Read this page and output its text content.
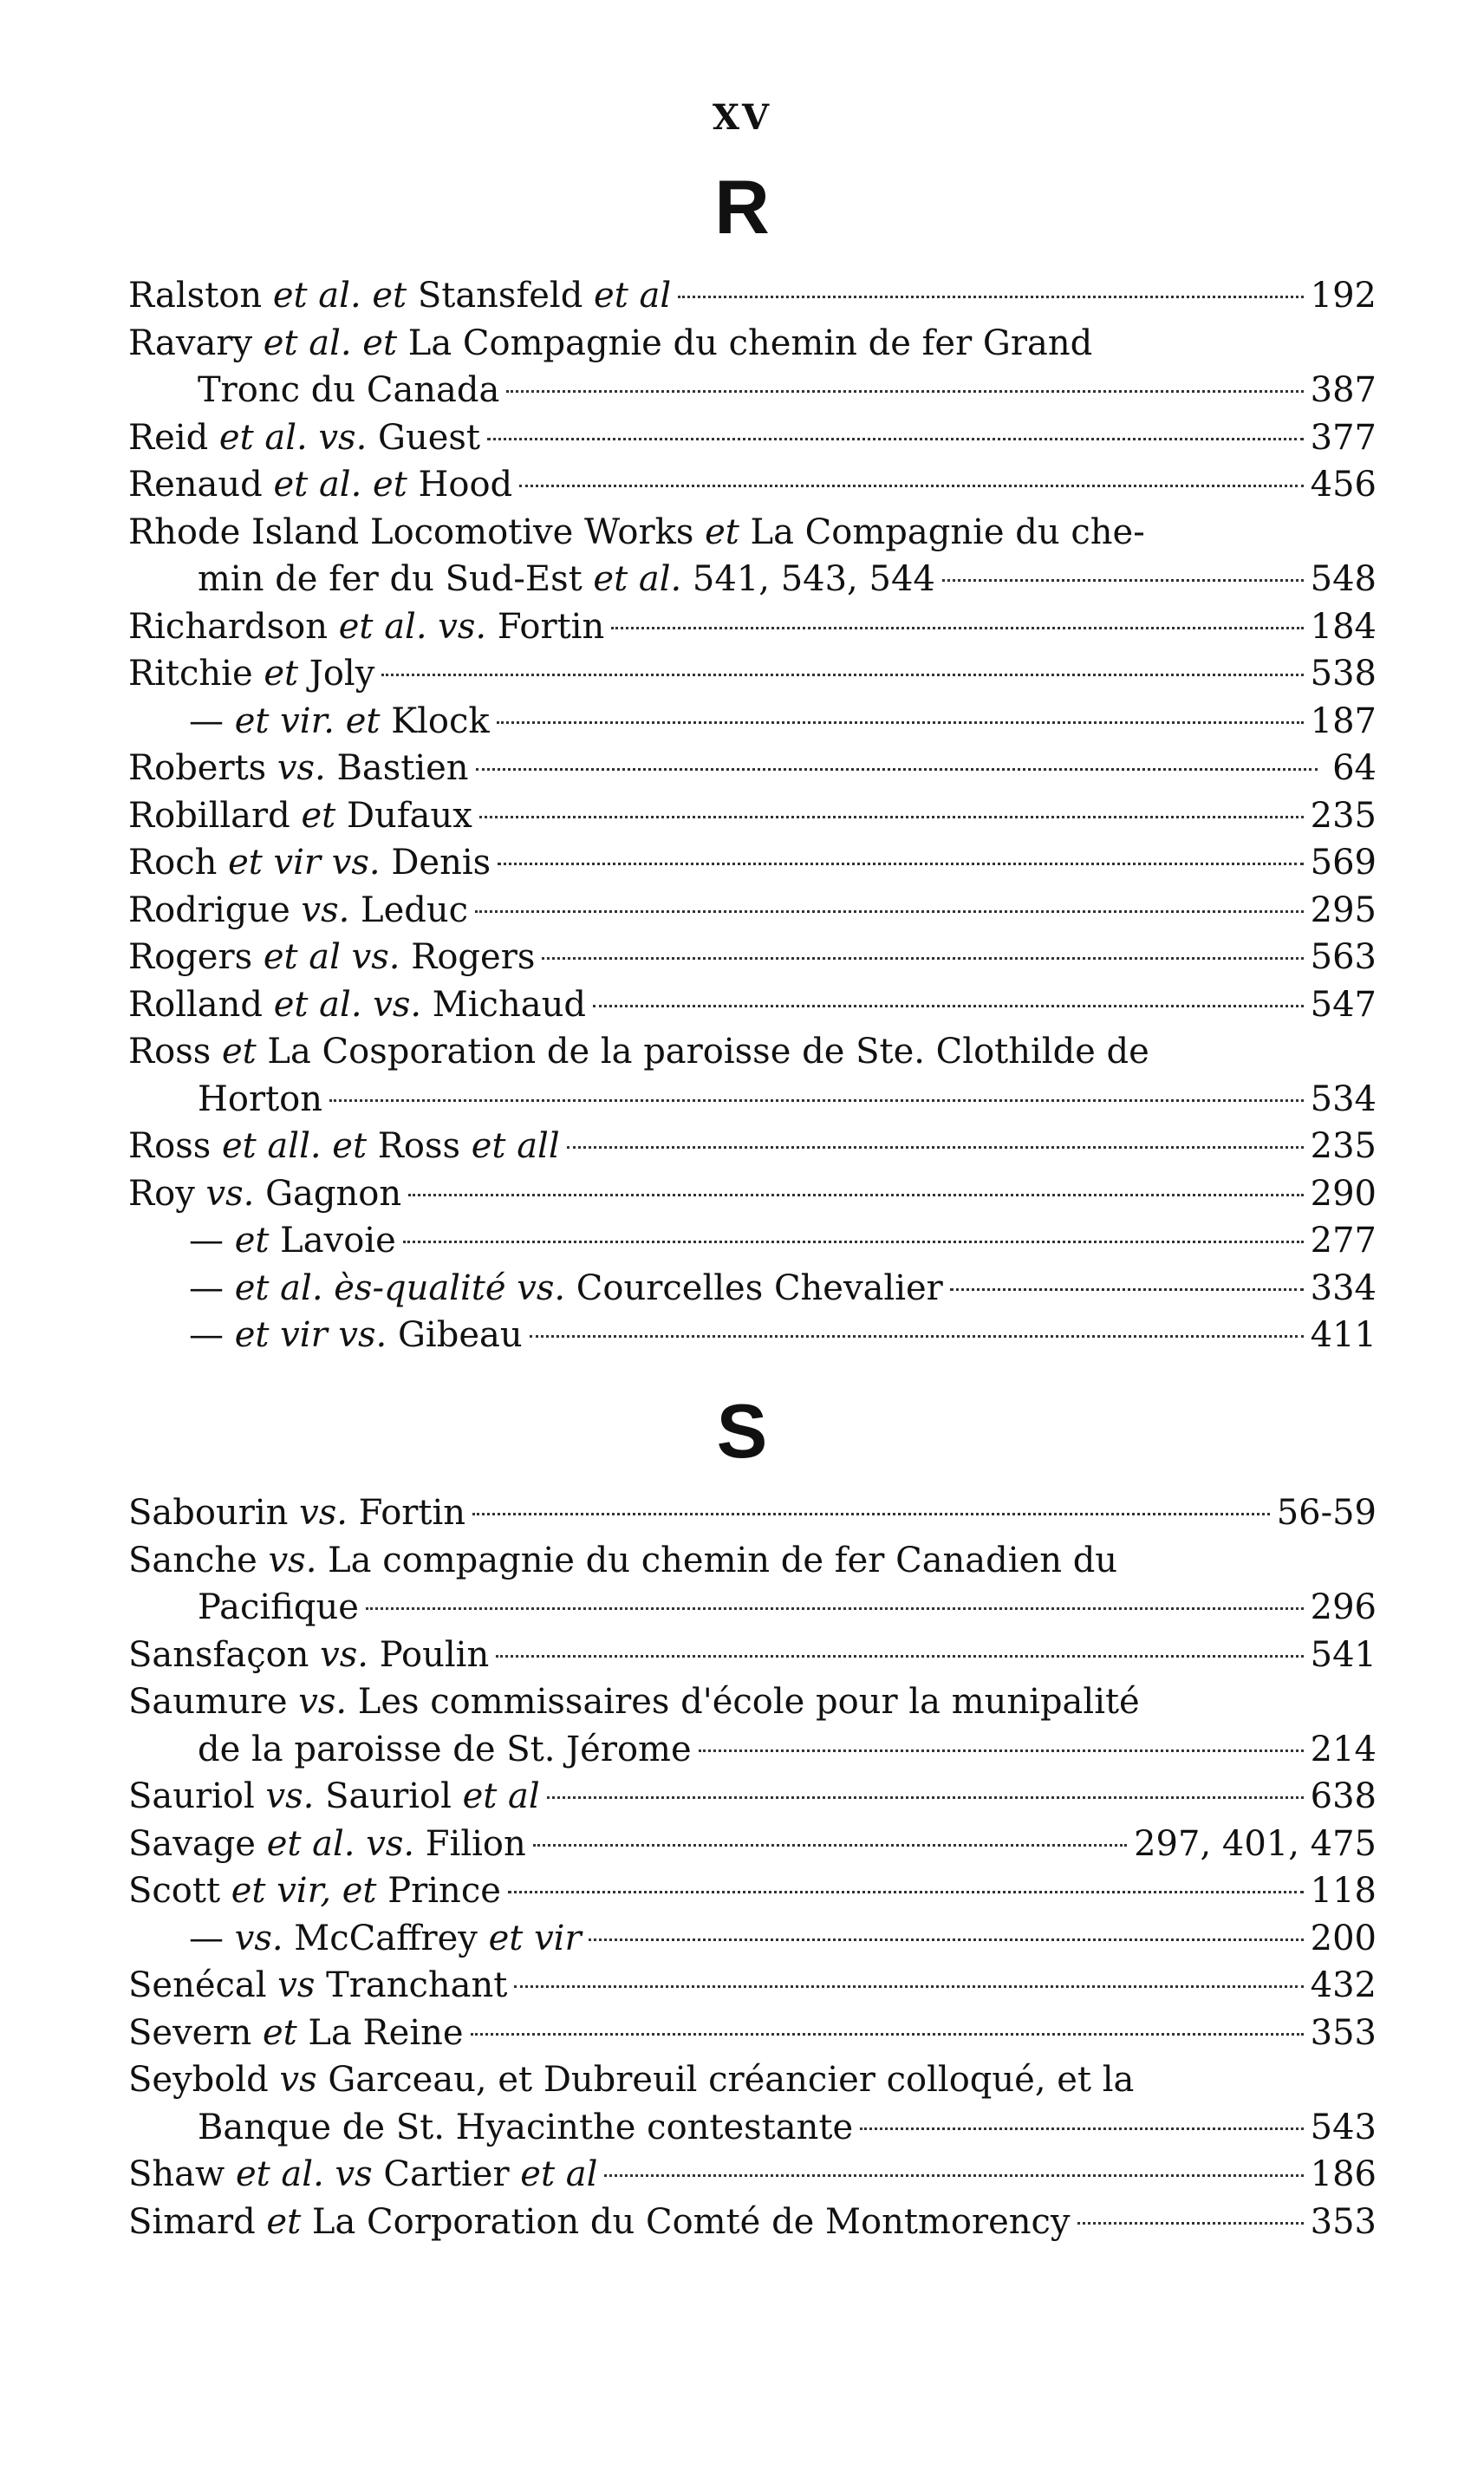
XV
R
Ralston et al. et Stansfeld et al	192
Ravary et al. et La Compagnie du chemin de fer Grand
Tronc du Canada	387
Reid et al. vs. Guest	377
Renaud et al. et Hood	456
Rhode Island Locomotive Works et La Compagnie du che-
min de fer du Sud-Est et al. 541, 543, 544	548
Richardson et al. vs. Fortin	184
Ritchie et Joly	538
— et vir. et Klock	187
Roberts vs. Bastien	64
Robillard et Dufaux	235
Roch et vir vs. Denis	569
Rodrigue vs. Leduc	295
Rogers et al vs. Rogers	563
Rolland et al. vs. Michaud	547
Ross et La Cosporation de la paroisse de Ste. Clothilde de
Horton	534
Ross et all. et Ross et all	235
Roy vs. Gagnon	290
— et Lavoie	277
— et al. ès-qualité vs. Courcelles Chevalier	334
— et vir vs. Gibeau	411
S
Sabourin vs. Fortin	56-59
Sanche vs. La compagnie du chemin de fer Canadien du
Pacifique	296
Sansfaçon vs. Poulin	541
Saumure vs. Les commissaires d'école pour la munipalité
de la paroisse de St. Jérome	214
Sauriol vs. Sauriol et al	638
Savage et al. vs. Filion	297, 401, 475
Scott et vir, et Prince	118
— vs. McCaffrey et vir	200
Senécal vs Tranchant	432
Severn et La Reine	353
Seybold vs Garceau, et Dubreuil créancier colloqué, et la
Banque de St. Hyacinthe contestante	543
Shaw et al. vs Cartier et al	186
Simard et La Corporation du Comté de Montmorency	353
